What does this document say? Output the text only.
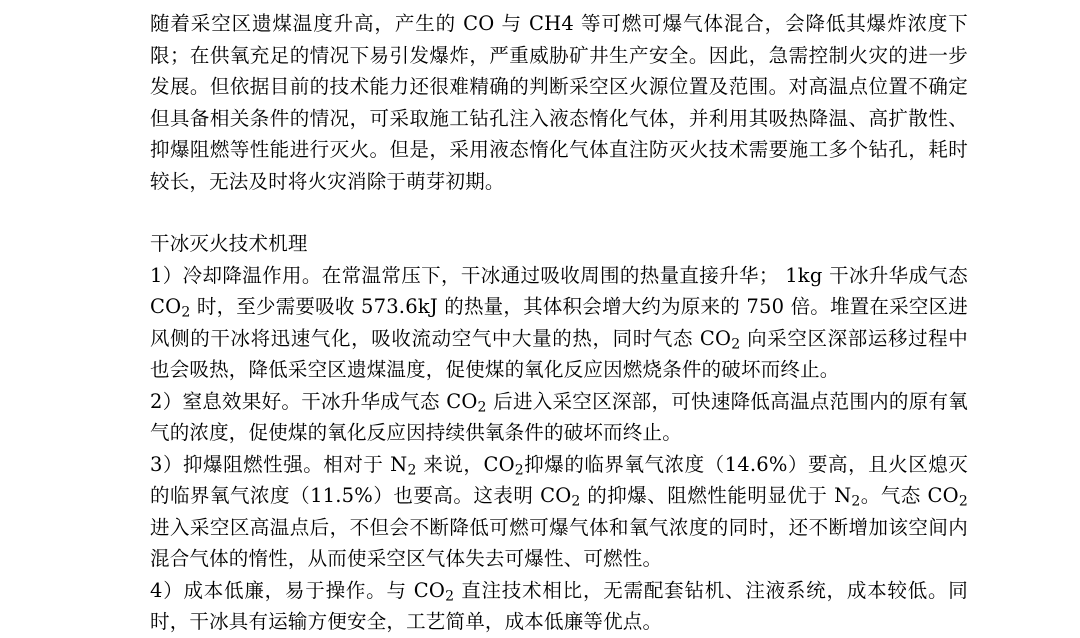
随着采空区遗煤温度升高，产生的 CO 与 CH4 等可燃可爆气体混合，会降低其爆炸浓度下限；在供氧充足的情况下易引发爆炸，严重威胁矿井生产安全。因此，急需控制火灾的进一步发展。但依据目前的技术能力还很难精确的判断采空区火源位置及范围。对高温点位置不确定但具备相关条件的情况，可采取施工钻孔注入液态惰化气体，并利用其吸热降温、高扩散性、抑爆阻燃等性能进行灭火。但是，采用液态惰化气体直注防灭火技术需要施工多个钻孔，耗时较长，无法及时将火灾消除于萌芽初期。

干冰灭火技术机理

1）冷却降温作用。在常温常压下，干冰通过吸收周围的热量直接升华； 1kg 干冰升华成气态 $CO_2$ 时，至少需要吸收 573.6kJ 的热量，其体积会增大约为原来的 750 倍。堆置在采空区进风侧的干冰将迅速气化，吸收流动空气中大量的热，同时气态 $CO_2$ 向采空区深部运移过程中也会吸热，降低采空区遗煤温度，促使煤的氧化反应因燃烧条件的破坏而终止。

2）窒息效果好。干冰升华成气态 $CO_2$ 后进入采空区深部，可快速降低高温点范围内的原有氧气的浓度，促使煤的氧化反应因持续供氧条件的破坏而终止。

3）抑爆阻燃性强。相对于 $N_2$ 来说，$CO_2$抑爆的临界氧气浓度（14.6%）要高，且火区熄灭的临界氧气浓度（11.5%）也要高。这表明 $CO_2$ 的抑爆、阻燃性能明显优于 $N_2$。气态 $CO_2$ 进入采空区高温点后，不但会不断降低可燃可爆气体和氧气浓度的同时，还不断增加该空间内混合气体的惰性，从而使采空区气体失去可爆性、可燃性。

4）成本低廉，易于操作。与 $CO_2$ 直注技术相比，无需配套钻机、注液系统，成本较低。同时，干冰具有运输方便安全，工艺简单，成本低廉等优点。
